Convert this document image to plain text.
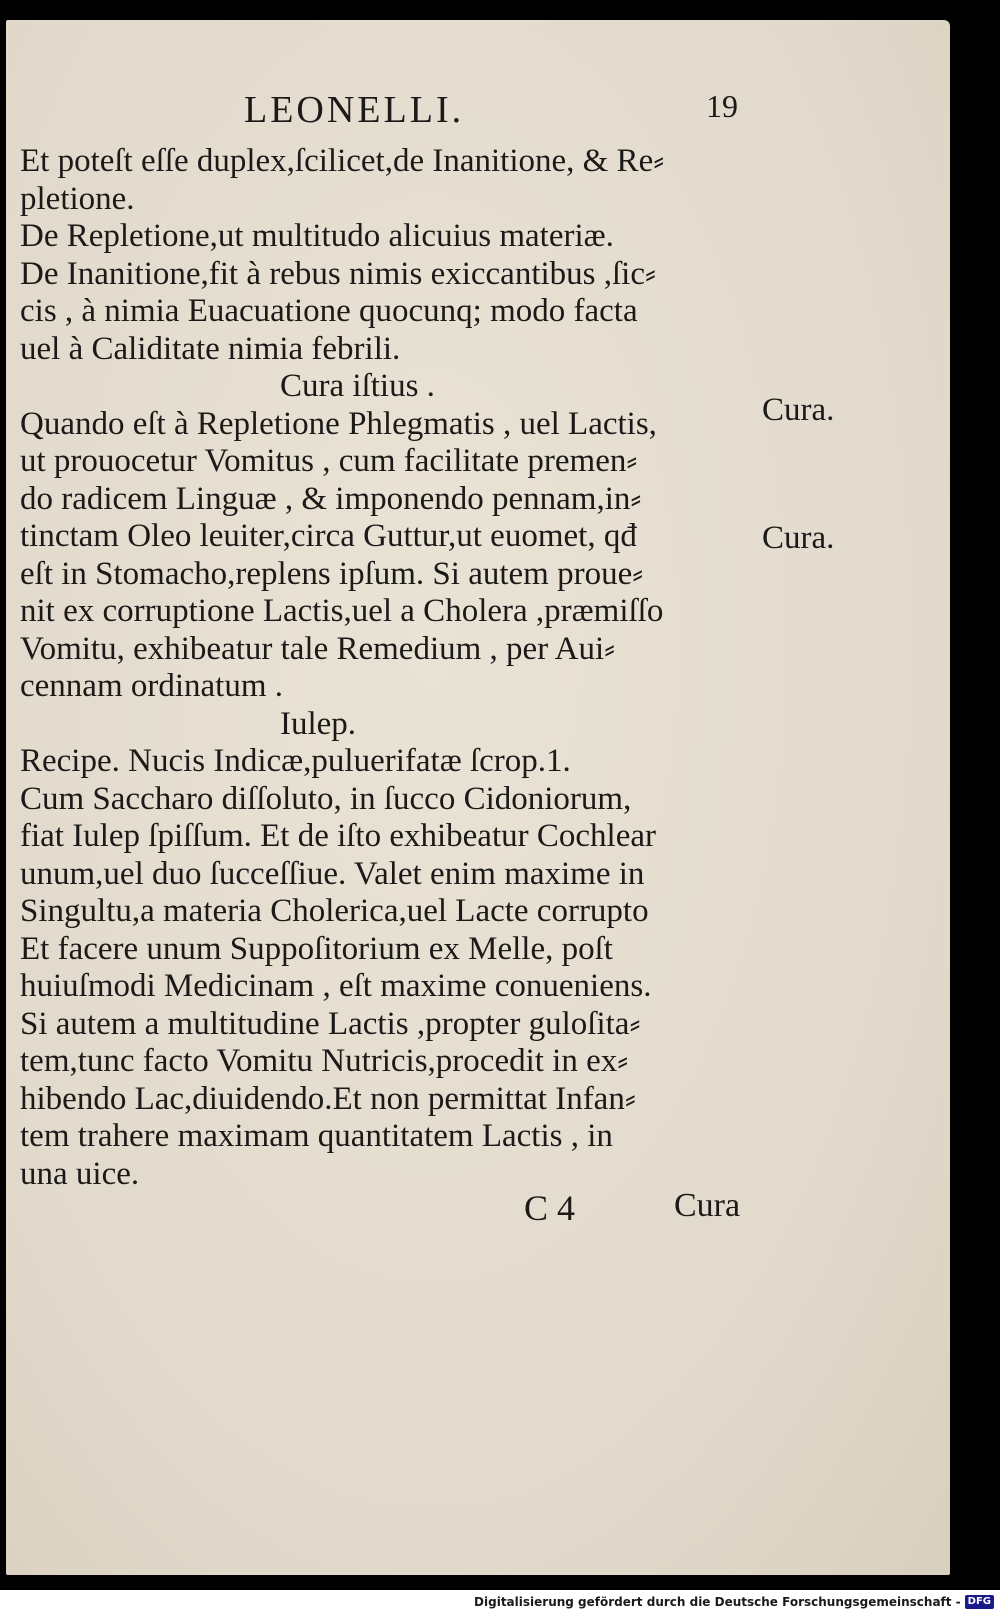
LEONELLI.	19
Et poteſt eſſe duplex,ſcilicet,de Inanitione, & Re⸗
pletione.
De Repletione,ut multitudo alicuius materiæ.
De Inanitione,fit à rebus nimis exiccantibus ,ſic⸗
cis , à nimia Euacuatione quocunq; modo facta
uel à Caliditate nimia febrili.
Cura iſtius .
Quando eſt à Repletione Phlegmatis , uel Lactis,
ut prouocetur Vomitus , cum facilitate premen⸗
do radicem Linguæ , & imponendo pennam,in⸗
tinctam Oleo leuiter,circa Guttur,ut euomet, qđ
eſt in Stomacho,replens ipſum. Si autem proue⸗
nit ex corruptione Lactis,uel a Cholera ,præmiſſo
Vomitu, exhibeatur tale Remedium , per Aui⸗
cennam ordinatum .
Iulep.
Recipe. Nucis Indicæ,puluerifatæ ſcrop.1.
Cum Saccharo diſſoluto, in ſucco Cidoniorum,
fiat Iulep ſpiſſum. Et de iſto exhibeatur Cochlear
unum,uel duo ſucceſſiue. Valet enim maxime in
Singultu,a materia Cholerica,uel Lacte corrupto
Et facere unum Suppoſitorium ex Melle, poſt
huiuſmodi Medicinam , eſt maxime conueniens.
Si autem a multitudine Lactis ,propter guloſita⸗
tem,tunc facto Vomitu Nutricis,procedit in ex⸗
hibendo Lac,diuidendo.Et non permittat Infan⸗
tem trahere maximam quantitatem Lactis , in
una uice.
Cura.
Cura.
C 4	Cura
Digitalisierung gefördert durch die Deutsche Forschungsgemeinschaft - DFG
